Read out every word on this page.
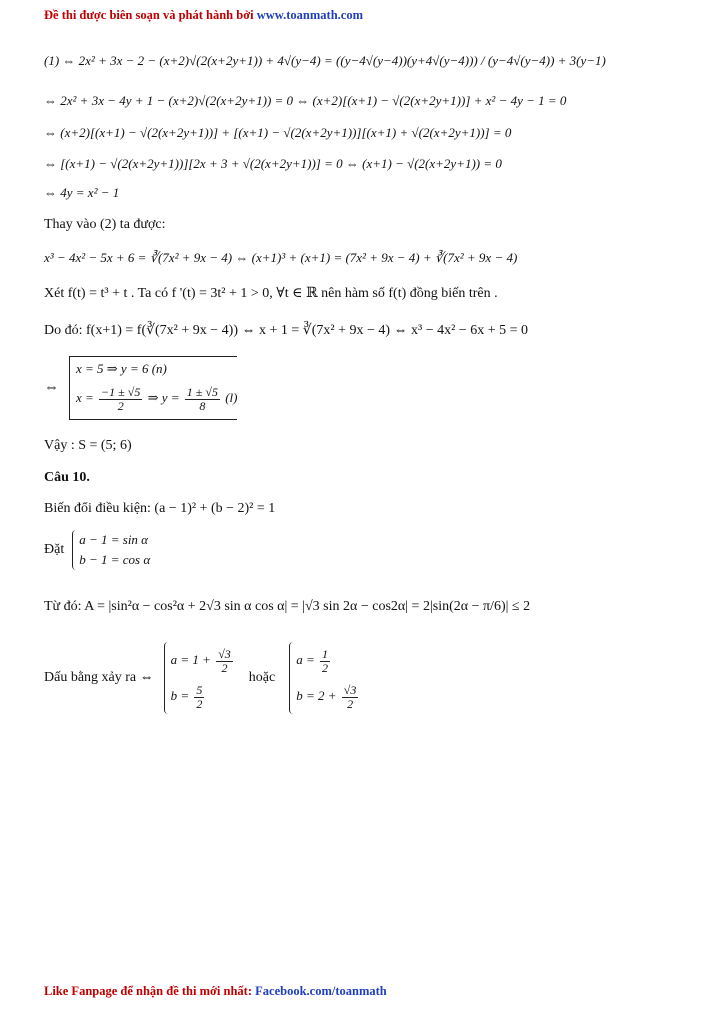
Đề thi được biên soạn và phát hành bởi www.toanmath.com
(1) ⇔ 2x² + 3x − 2 − (x+2)√(2(x+2y+1)) + 4√(y−4) = ((y−4√(y−4))(y+4√(y−4))) / (y−4√(y−4)) + 3(y−1)
⇔ 2x² + 3x − 4y + 1 − (x+2)√(2(x+2y+1)) = 0 ⇔ (x+2)[(x+1) − √(2(x+2y+1))] + x² − 4y − 1 = 0
⇔ (x+2)[(x+1) − √(2(x+2y+1))] + [(x+1) − √(2(x+2y+1))][(x+1) + √(2(x+2y+1))] = 0
⇔ [(x+1) − √(2(x+2y+1))][2x + 3 + √(2(x+2y+1))] = 0 ⇔ (x+1) − √(2(x+2y+1)) = 0
⇔ 4y = x² − 1
Thay vào (2) ta được:
x³ − 4x² − 5x + 6 = ∛(7x² + 9x − 4) ⇔ (x+1)³ + (x+1) = (7x² + 9x − 4) + ∛(7x² + 9x − 4)
Xét f(t) = t³ + t . Ta có f '(t) = 3t² + 1 > 0, ∀t ∈ ℝ nên hàm số f(t) đồng biến trên .
Do đó: f(x+1) = f(∛(7x² + 9x − 4)) ⇔ x + 1 = ∛(7x² + 9x − 4) ⇔ x³ − 4x² − 6x + 5 = 0
⇔
x = 5 ⇒ y = 6 (n)
$x = \frac{-1 \pm √5}{2}$ ⇒ $y = \frac{1 \pm √5}{8} (l)$
Vậy : S = (5; 6)
Câu 10.
Biến đổi điều kiện: (a − 1)² + (b − 2)² = 1
Đặt
a − 1 = sin α
b − 1 = cos α
Từ đó: A = |sin²α − cos²α + 2√3 sin α cos α| = |√3 sin 2α − cos2α| = 2|sin(2α − π/6)| ≤ 2
Dấu bằng xảy ra ⇔
$a = 1 + \frac{√3}{2}$
$b = \frac{5}{2}$
hoặc
$a = \frac{1}{2}$
$b = 2 + \frac{√3}{2}$
Like Fanpage để nhận đề thi mới nhất: Facebook.com/toanmath
